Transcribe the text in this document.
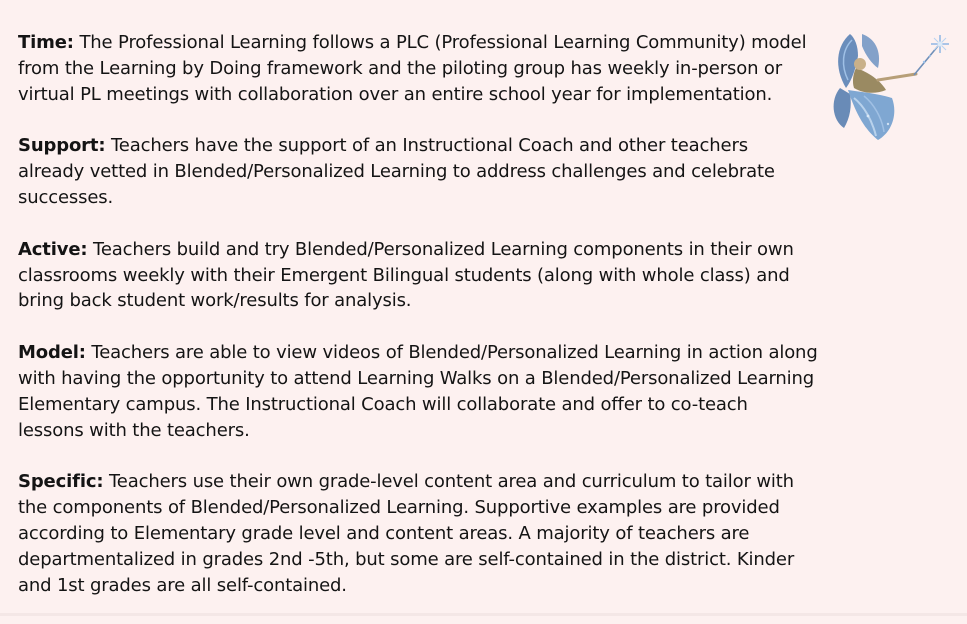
Time: The Professional Learning follows a PLC (Professional Learning Community) model from the Learning by Doing framework and the piloting group has weekly in-person or virtual PL meetings with collaboration over an entire school year for implementation.

Support: Teachers have the support of an Instructional Coach and other teachers already vetted in Blended/Personalized Learning to address challenges and celebrate successes.

Active: Teachers build and try Blended/Personalized Learning components in their own classrooms weekly with their Emergent Bilingual students (along with whole class) and bring back student work/results for analysis.

Model: Teachers are able to view videos of Blended/Personalized Learning in action along with having the opportunity to attend Learning Walks on a Blended/Personalized Learning Elementary campus. The Instructional Coach will collaborate and offer to co-teach lessons with the teachers.

Specific: Teachers use their own grade-level content area and curriculum to tailor with the components of Blended/Personalized Learning. Supportive examples are provided according to Elementary grade level and content areas. A majority of teachers are departmentalized in grades 2nd -5th, but some are self-contained in the district. Kinder and 1st grades are all self-contained.
